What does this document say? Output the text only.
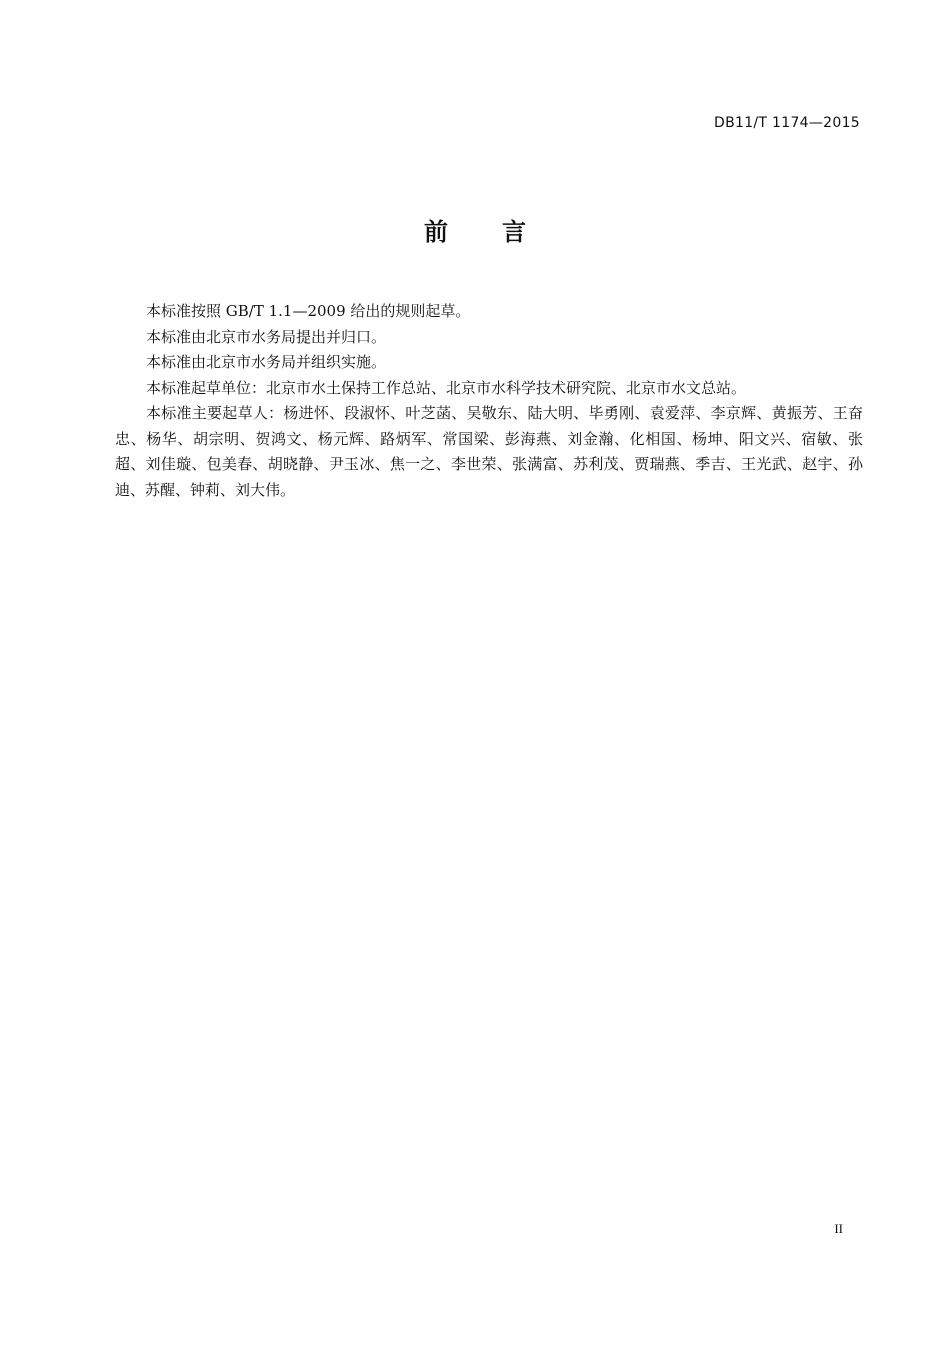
DB11/T 1174—2015
前言

本标准按照 GB/T 1.1—2009 给出的规则起草。

本标准由北京市水务局提出并归口。

本标准由北京市水务局并组织实施。

本标准起草单位：北京市水土保持工作总站、北京市水科学技术研究院、北京市水文总站。

本标准主要起草人：杨进怀、段淑怀、叶芝菡、吴敬东、陆大明、毕勇刚、袁爱萍、李京辉、黄振芳、王奋忠、杨华、胡宗明、贺鸿文、杨元辉、路炳军、常国梁、彭海燕、刘金瀚、化相国、杨坤、阳文兴、宿敏、张超、刘佳璇、包美春、胡晓静、尹玉冰、焦一之、李世荣、张满富、苏利茂、贾瑞燕、季吉、王光武、赵宇、孙迪、苏醒、钟莉、刘大伟。

II
